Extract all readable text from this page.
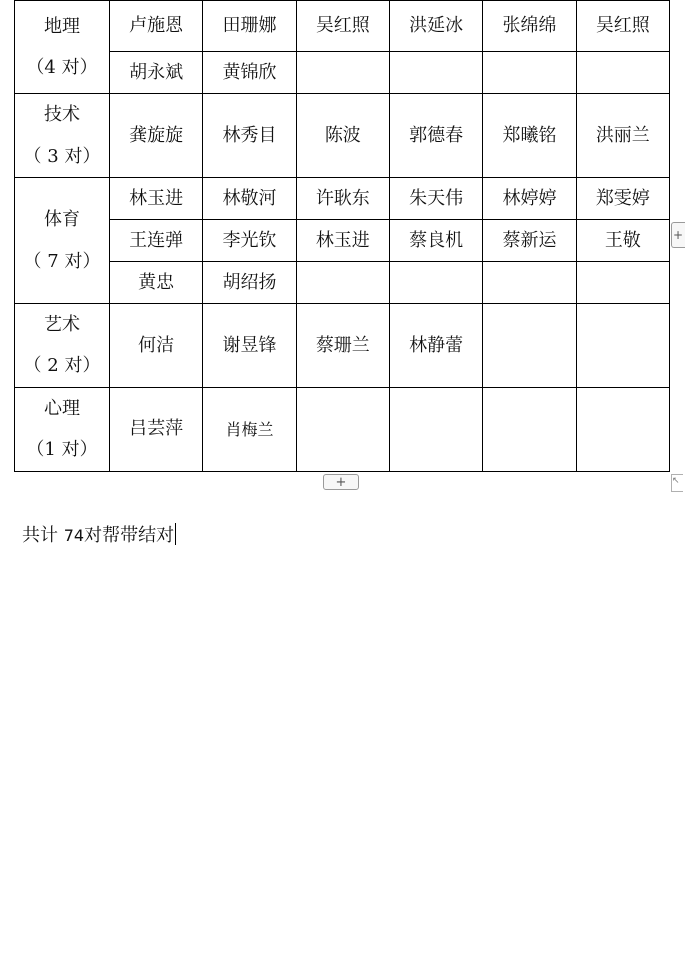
地理
（4 对）	卢施恩	田珊娜	吴红照	洪延冰	张绵绵	吴红照
	胡永斌	黄锦欣				

技术
（ 3 对）	龚旋旋	林秀目	陈波	郭德春	郑曦铭	洪丽兰

体育
（ 7 对）	林玉进	林敬河	许耿东	朱天伟	林婷婷	郑雯婷
	王连弹	李光钦	林玉进	蔡良机	蔡新运	王敬
	黄忠	胡绍扬				

艺术
（ 2 对）	何洁	谢昱锋	蔡珊兰	林静蕾		

心理
（1 对）	吕芸萍	肖梅兰				
+
+
↖

共计 74对帮带结对
